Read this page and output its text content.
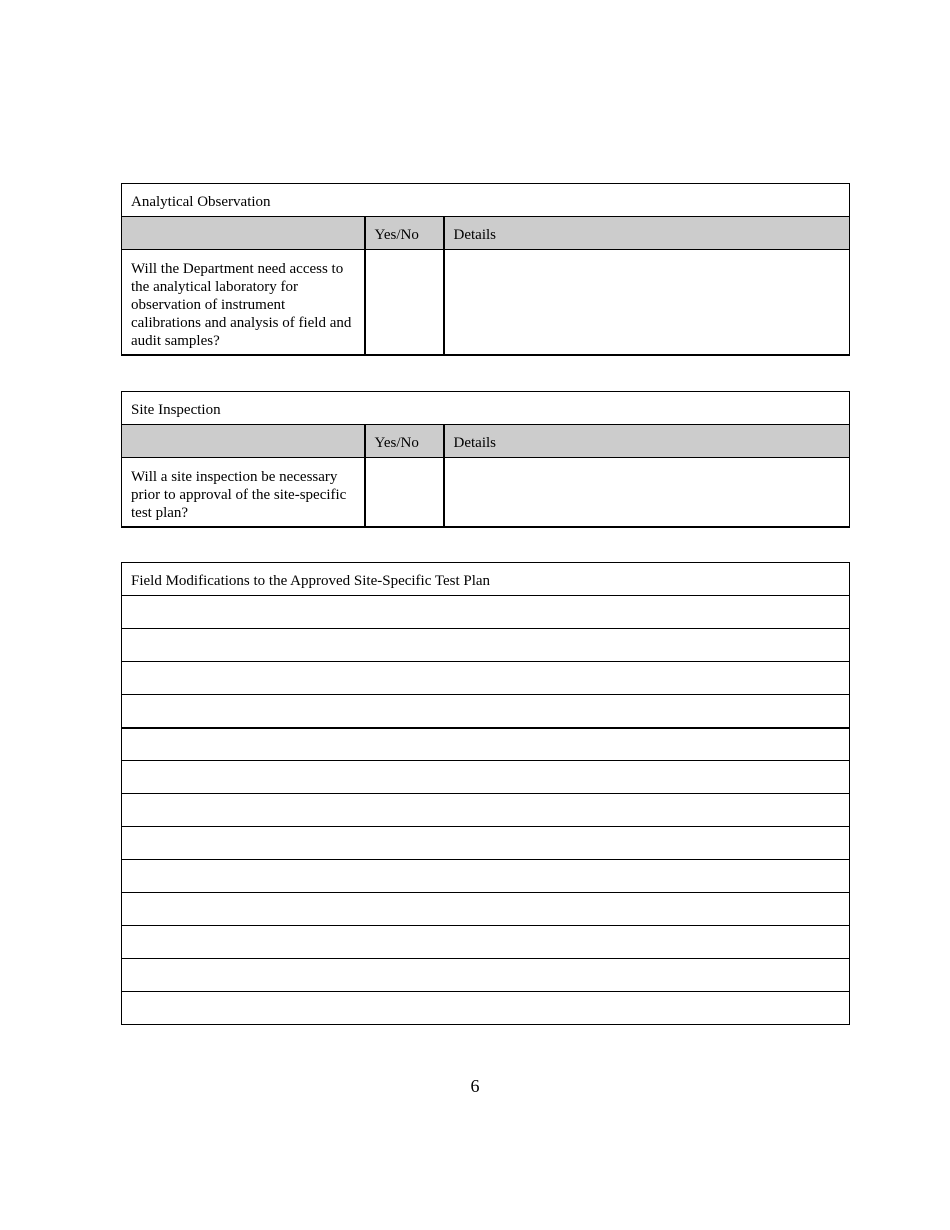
Analytical Observation		
	Yes/No	Details
Will the Department need access to the analytical laboratory for observation of instrument calibrations and analysis of field and audit samples?		
Site Inspection		
	Yes/No	Details
Will a site inspection be necessary prior to approval of the site-specific test plan?		
Field Modifications to the Approved Site-Specific Test Plan

6
